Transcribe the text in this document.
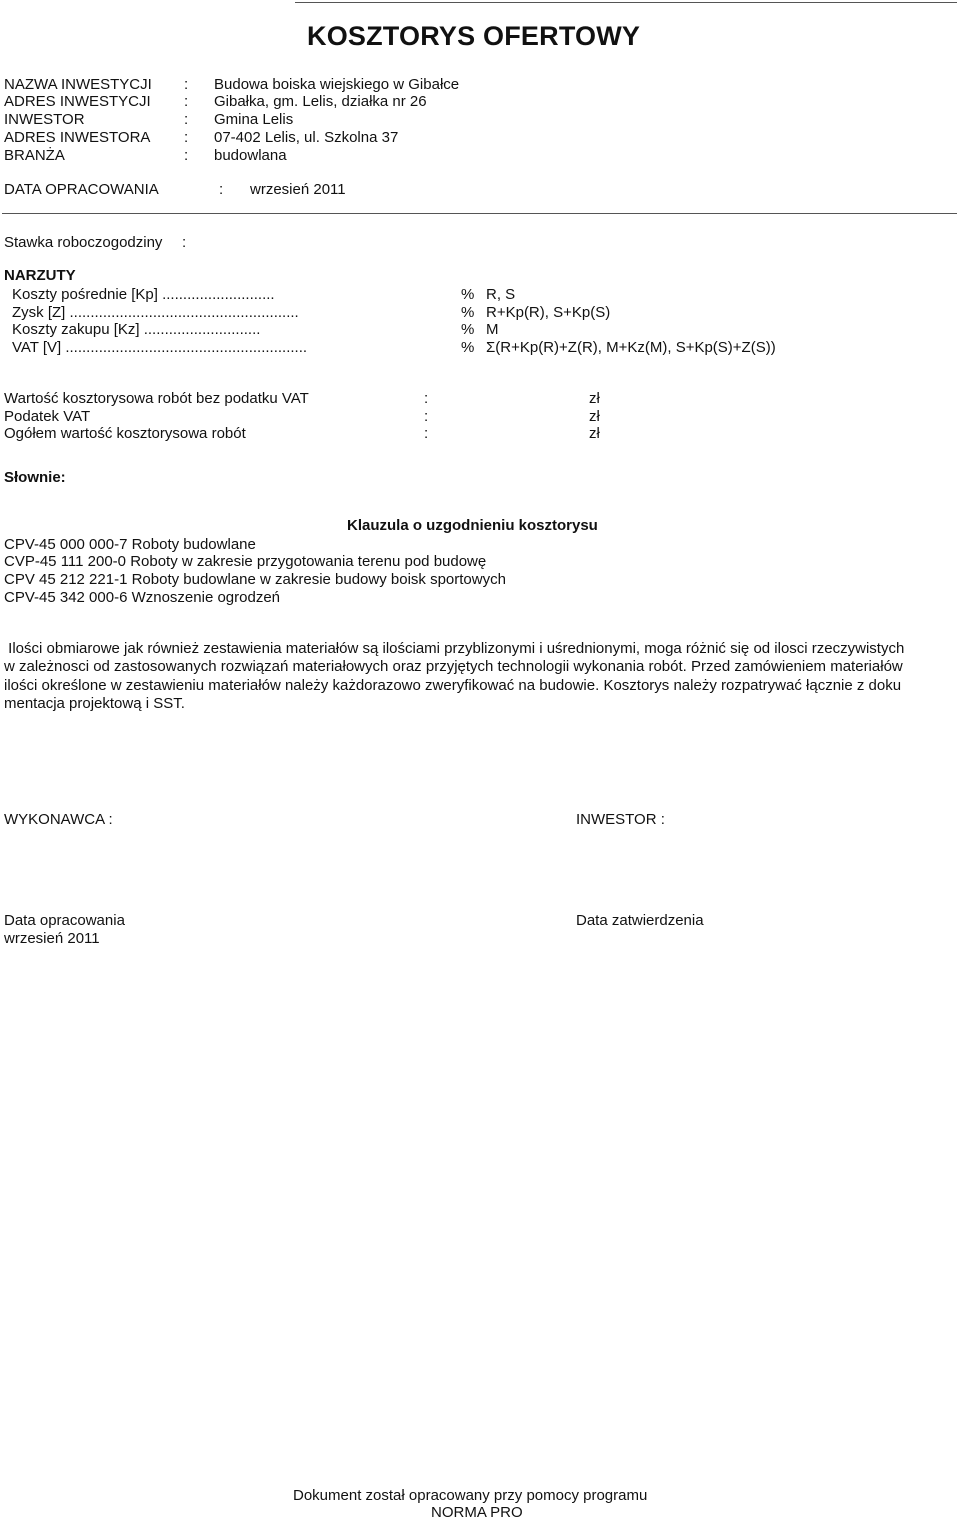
KOSZTORYS OFERTOWY
NAZWA INWESTYCJI : Budowa boiska wiejskiego w Gibałce
ADRES INWESTYCJI : Gibałka, gm. Lelis, działka nr 26
INWESTOR	: Gmina Lelis
ADRES INWESTORA : 07-402 Lelis, ul. Szkolna 37
BRANŻA	: budowlana
DATA OPRACOWANIA	: wrzesień 2011
Stawka roboczogodziny :
NARZUTY
Koszty pośrednie [Kp] ...........................	% R, S
Zysk [Z] .......................................................	% R+Kp(R), S+Kp(S)
Koszty zakupu [Kz] ............................	% M
VAT [V] ..........................................................	% Σ(R+Kp(R)+Z(R), M+Kz(M), S+Kp(S)+Z(S))
Wartość kosztorysowa robót bez podatku VAT	:	zł
Podatek VAT	:	zł
Ogółem wartość kosztorysowa robót	:	zł
Słownie:
Klauzula o uzgodnieniu kosztorysu
CPV-45 000 000-7 Roboty budowlane
CVP-45 111 200-0 Roboty w zakresie przygotowania terenu pod budowę
CPV 45 212 221-1 Roboty budowlane w zakresie budowy boisk sportowych
CPV-45 342 000-6 Wznoszenie ogrodzeń
Ilości obmiarowe jak również zestawienia materiałów są ilościami przyblizonymi i uśrednionymi, moga różnić się od ilosci rzeczywistych
w zależnosci od zastosowanych rozwiązań materiałowych oraz przyjętych technologii wykonania robót. Przed zamówieniem materiałów
ilości określone w zestawieniu materiałów należy każdorazowo zweryfikować na budowie. Kosztorys należy rozpatrywać łącznie z doku
mentacja projektową i SST.
WYKONAWCA :	INWESTOR :
Data opracowania
wrzesień 2011
Data zatwierdzenia
Dokument został opracowany przy pomocy programu
NORMA PRO
